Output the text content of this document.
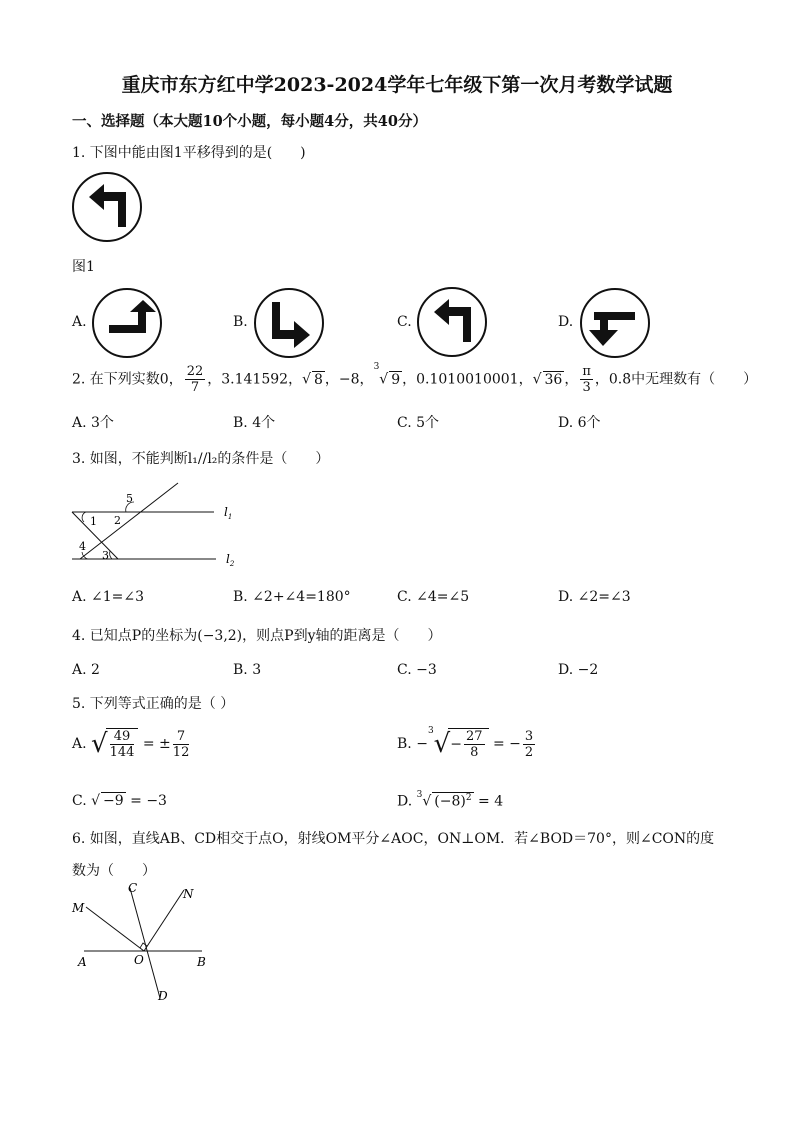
重庆市东方红中学2023-2024学年七年级下第一次月考数学试题
一、选择题（本大题10个小题，每小题4分，共40分）
1. 下图中能由图1平移得到的是(　　)
图1
A.	B.	C.	D.
2. 在下列实数0， $\frac{22}{7}$ ，3.141592，√ 8 ，−8，$^3$√ 9 ，0.1010010001，√ 36 ， $\frac{\pi}{3}$ ，0.8̇中无理数有（　　）
A. 3个	B. 4个	C. 5个	D. 6个
3. 如图，不能判断l₁//l₂的条件是（　　）
1 2
3
4
5
$l_1$
$l_2$
A. ∠1=∠3	B. ∠2+∠4=180°	C. ∠4=∠5	D. ∠2=∠3
4. 已知点P的坐标为(−3,2)，则点P到y轴的距离是（　　）
A. 2	B. 3	C. −3	D. −2
5. 下列等式正确的是（ ）
A. √ $\frac{49}{144}$ = ± $\frac{7}{12}$	B. $-^3√- \frac{27}{8}$ = − $\frac{3}{2}$
C. √ −9 = −3	D. $^3$√ $(-8)^2 = 4$
6. 如图，直线AB、CD相交于点O，射线OM平分∠AOC，ON⊥OM．若∠BOD＝70°，则∠CON的度
数为（　　）
C	N
M
A	O	B
D
